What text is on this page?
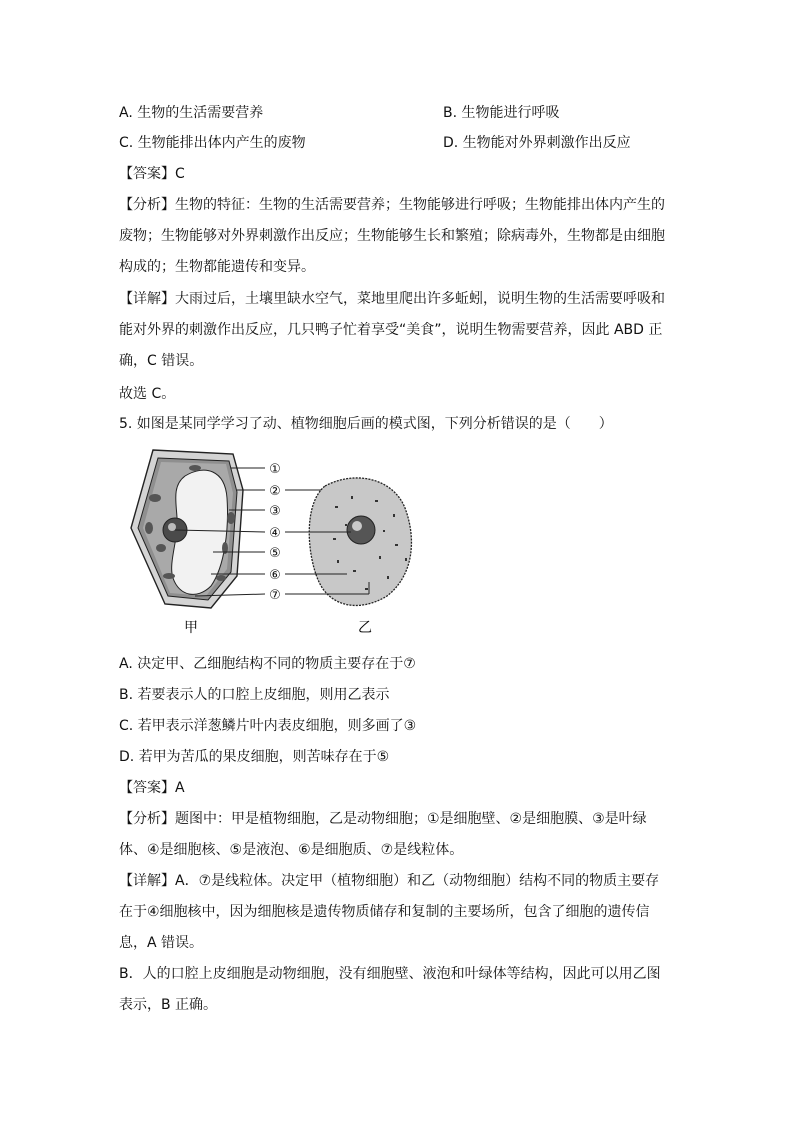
A. 生物的生活需要营养	B. 生物能进行呼吸
C. 生物能排出体内产生的废物	D. 生物能对外界刺激作出反应
【答案】C

【分析】生物的特征：生物的生活需要营养；生物能够进行呼吸；生物能排出体内产生的

废物；生物能够对外界刺激作出反应；生物能够生长和繁殖；除病毒外，生物都是由细胞

构成的；生物都能遗传和变异。

【详解】大雨过后，土壤里缺水空气，菜地里爬出许多蚯蚓，说明生物的生活需要呼吸和

能对外界的刺激作出反应，几只鸭子忙着享受“美食”，说明生物需要营养，因此 ABD 正

确，C 错误。

故选 C。
5. 如图是某同学学习了动、植物细胞后画的模式图，下列分析错误的是（　　）
①
②
③
④
⑤
⑥
⑦
甲	乙
A. 决定甲、乙细胞结构不同的物质主要存在于⑦
B. 若要表示人的口腔上皮细胞，则用乙表示
C. 若甲表示洋葱鳞片叶内表皮细胞，则多画了③
D. 若甲为苦瓜的果皮细胞，则苦味存在于⑤
【答案】A

【分析】题图中：甲是植物细胞，乙是动物细胞；①是细胞壁、②是细胞膜、③是叶绿

体、④是细胞核、⑤是液泡、⑥是细胞质、⑦是线粒体。

【详解】A．⑦是线粒体。决定甲（植物细胞）和乙（动物细胞）结构不同的物质主要存

在于④细胞核中，因为细胞核是遗传物质储存和复制的主要场所，包含了细胞的遗传信

息，A 错误。

B．人的口腔上皮细胞是动物细胞，没有细胞壁、液泡和叶绿体等结构，因此可以用乙图

表示，B 正确。
